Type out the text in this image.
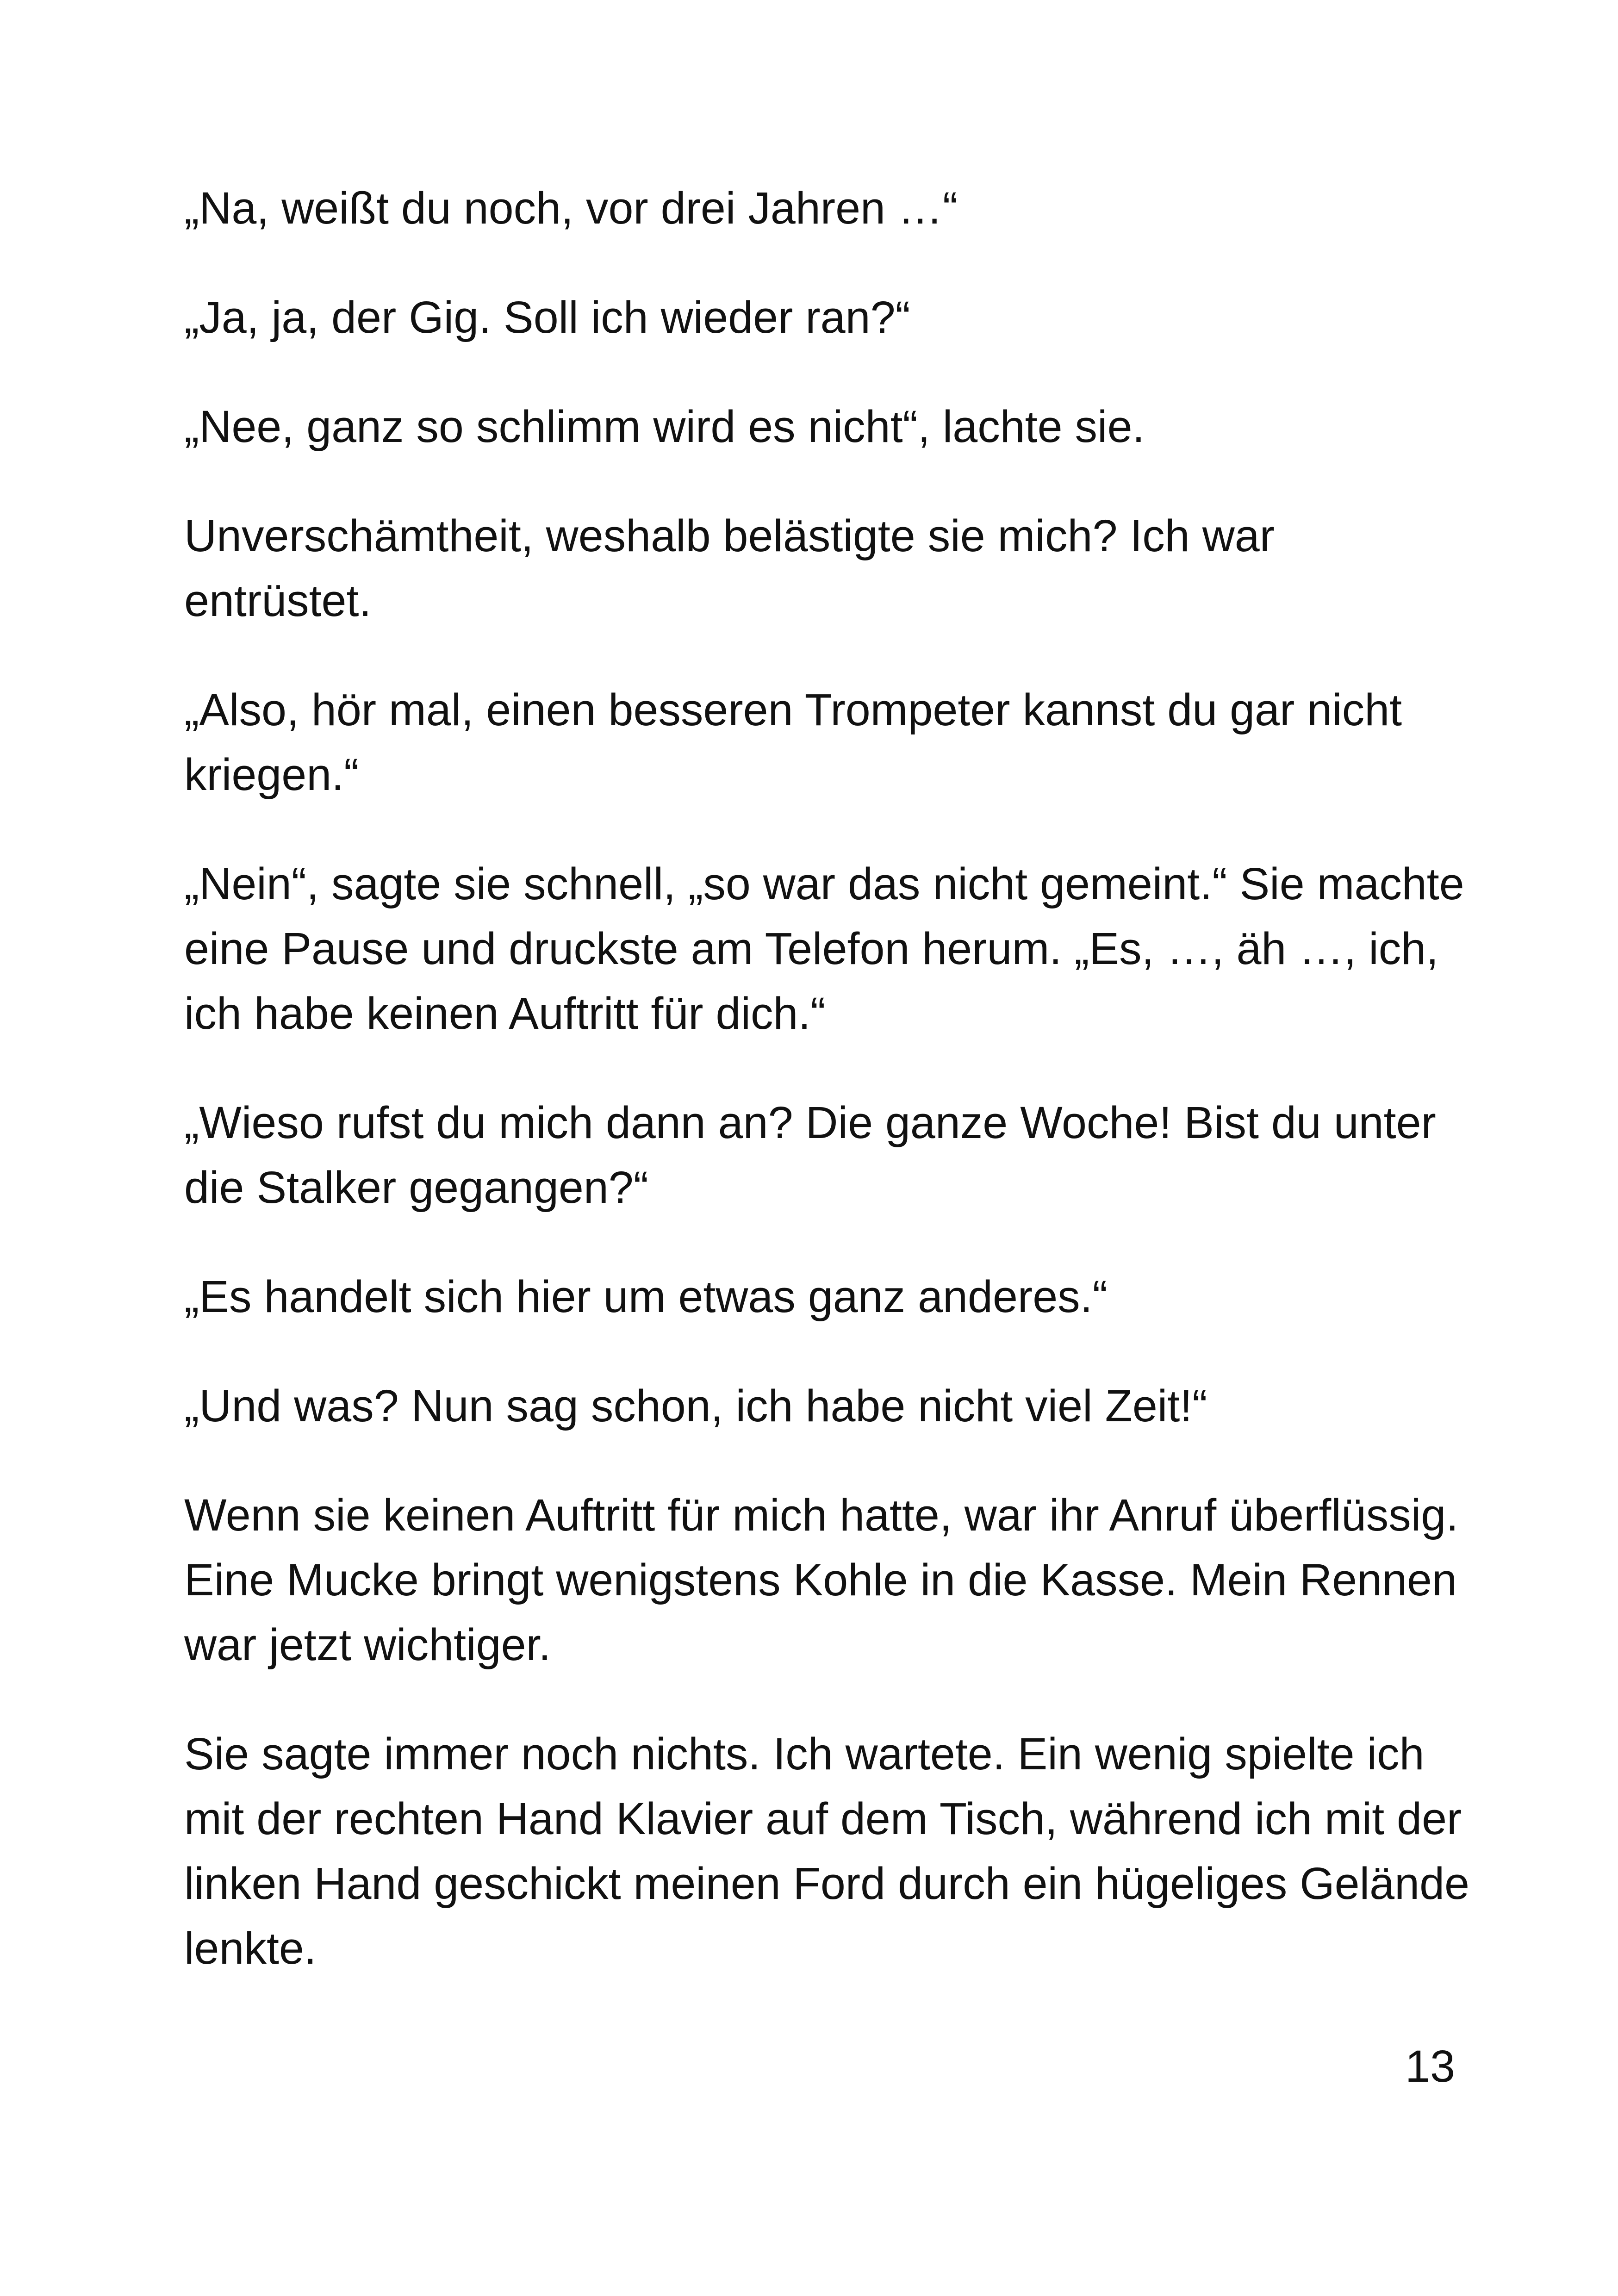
„Na, weißt du noch, vor drei Jahren …“

„Ja, ja, der Gig. Soll ich wieder ran?“

„Nee, ganz so schlimm wird es nicht“, lachte sie.

Unverschämtheit, weshalb belästigte sie mich? Ich war entrüstet.

„Also, hör mal, einen besseren Trompeter kannst du gar nicht kriegen.“

„Nein“, sagte sie schnell, „so war das nicht gemeint.“ Sie machte eine Pause und druckste am Telefon herum. „Es, …, äh …, ich, ich habe keinen Auftritt für dich.“

„Wieso rufst du mich dann an? Die ganze Woche! Bist du unter die Stalker gegangen?“

„Es handelt sich hier um etwas ganz anderes.“

„Und was? Nun sag schon, ich habe nicht viel Zeit!“

Wenn sie keinen Auftritt für mich hatte, war ihr Anruf überflüssig. Eine Mucke bringt wenigstens Kohle in die Kasse. Mein Rennen war jetzt wichtiger.

Sie sagte immer noch nichts. Ich wartete. Ein wenig spielte ich mit der rechten Hand Klavier auf dem Tisch, während ich mit der linken Hand geschickt meinen Ford durch ein hügeliges Gelände lenkte.

13
